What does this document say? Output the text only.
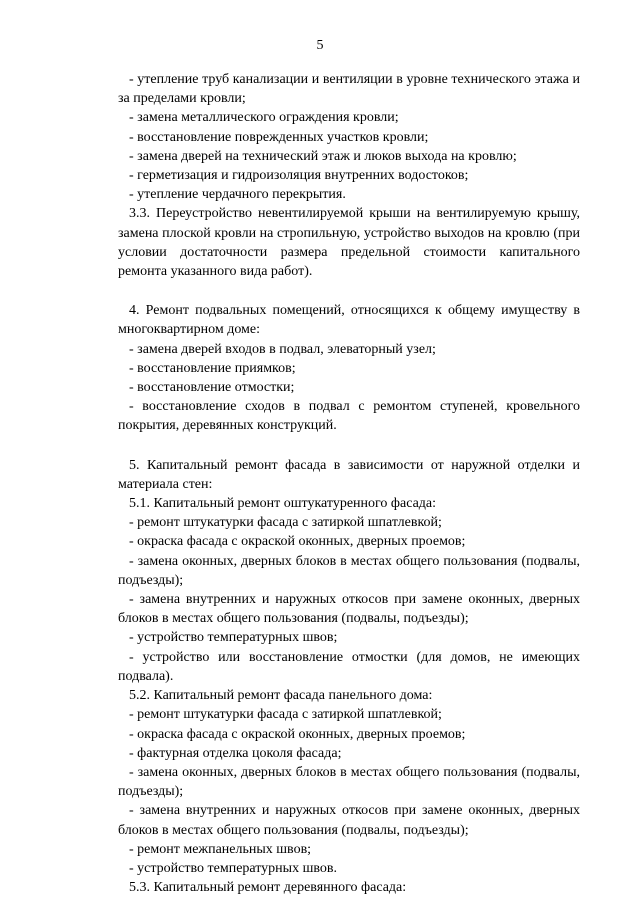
5

- утепление труб канализации и вентиляции в уровне технического этажа и за пределами кровли;

- замена металлического ограждения кровли;

- восстановление поврежденных участков кровли;

- замена дверей на технический этаж и люков выхода на кровлю;

- герметизация и гидроизоляция внутренних водостоков;

- утепление чердачного перекрытия.

3.3. Переустройство невентилируемой крыши на вентилируемую крышу, замена плоской кровли на стропильную, устройство выходов на кровлю (при условии достаточности размера предельной стоимости капитального ремонта указанного вида работ).

4. Ремонт подвальных помещений, относящихся к общему имуществу в многоквартирном доме:

- замена дверей входов в подвал, элеваторный узел;

- восстановление приямков;

- восстановление отмостки;

- восстановление сходов в подвал с ремонтом ступеней, кровельного покрытия, деревянных конструкций.

5. Капитальный ремонт фасада в зависимости от наружной отделки и материала стен:

5.1. Капитальный ремонт оштукатуренного фасада:

- ремонт штукатурки фасада с затиркой шпатлевкой;

- окраска фасада с окраской оконных, дверных проемов;

- замена оконных, дверных блоков в местах общего пользования (подвалы, подъезды);

- замена внутренних и наружных откосов при замене оконных, дверных блоков в местах общего пользования (подвалы, подъезды);

- устройство температурных швов;

- устройство или восстановление отмостки (для домов, не имеющих подвала).

5.2. Капитальный ремонт фасада панельного дома:

- ремонт штукатурки фасада с затиркой шпатлевкой;

- окраска фасада с окраской оконных, дверных проемов;

- фактурная отделка цоколя фасада;

- замена оконных, дверных блоков в местах общего пользования (подвалы, подъезды);

- замена внутренних и наружных откосов при замене оконных, дверных блоков в местах общего пользования (подвалы, подъезды);

- ремонт межпанельных швов;

- устройство температурных швов.

5.3. Капитальный ремонт деревянного фасада:
